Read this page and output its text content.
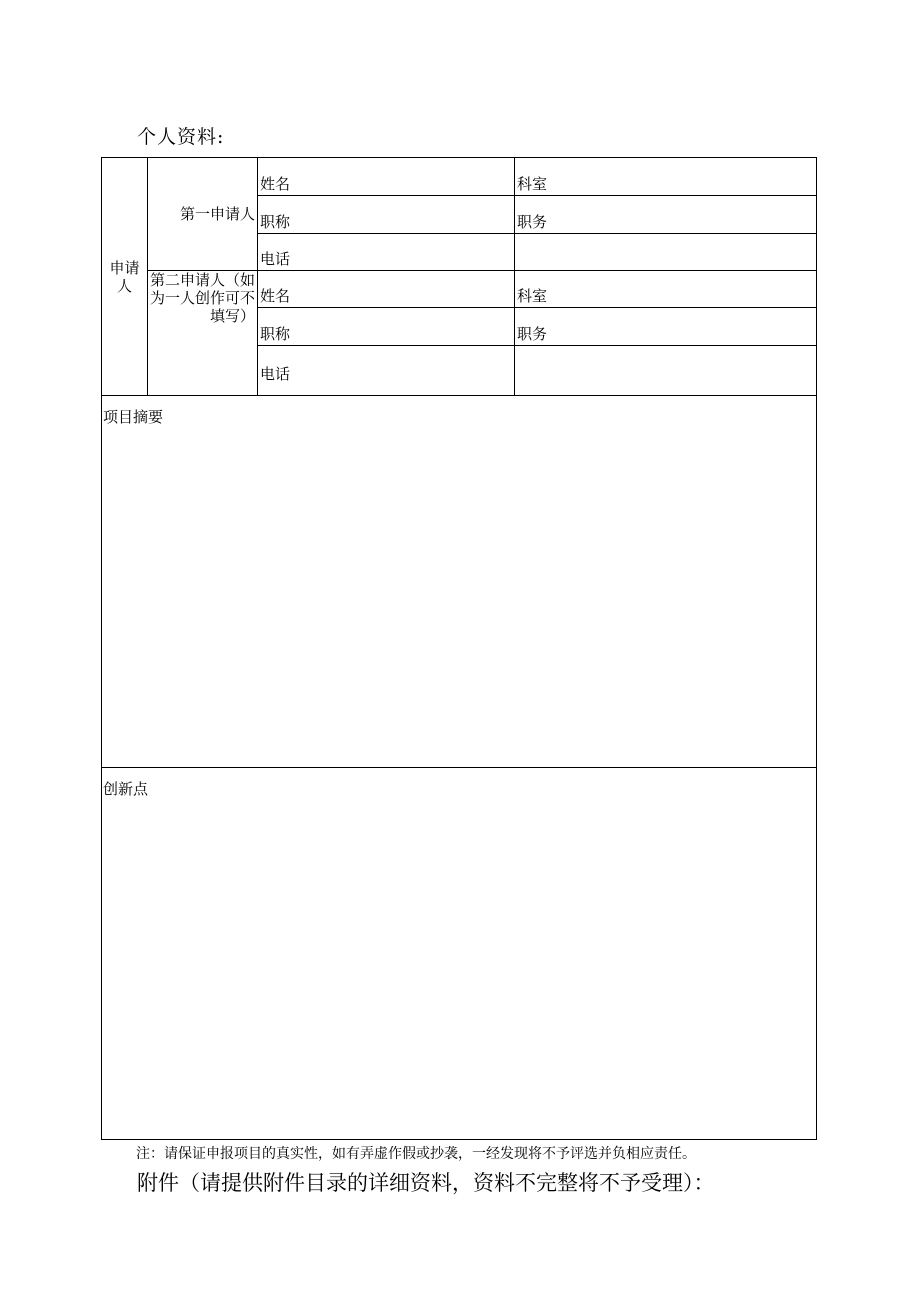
个人资料:
申请人	第一申请人	姓名	科室
		职称	职务
		电话	
	第二申请人（如为一人创作可不填写）	姓名	科室
		职称	职务
		电话	
项目摘要			
创新点			
注：请保证申报项目的真实性，如有弄虚作假或抄袭，一经发现将不予评选并负相应责任。
附件（请提供附件目录的详细资料，资料不完整将不予受理）：
